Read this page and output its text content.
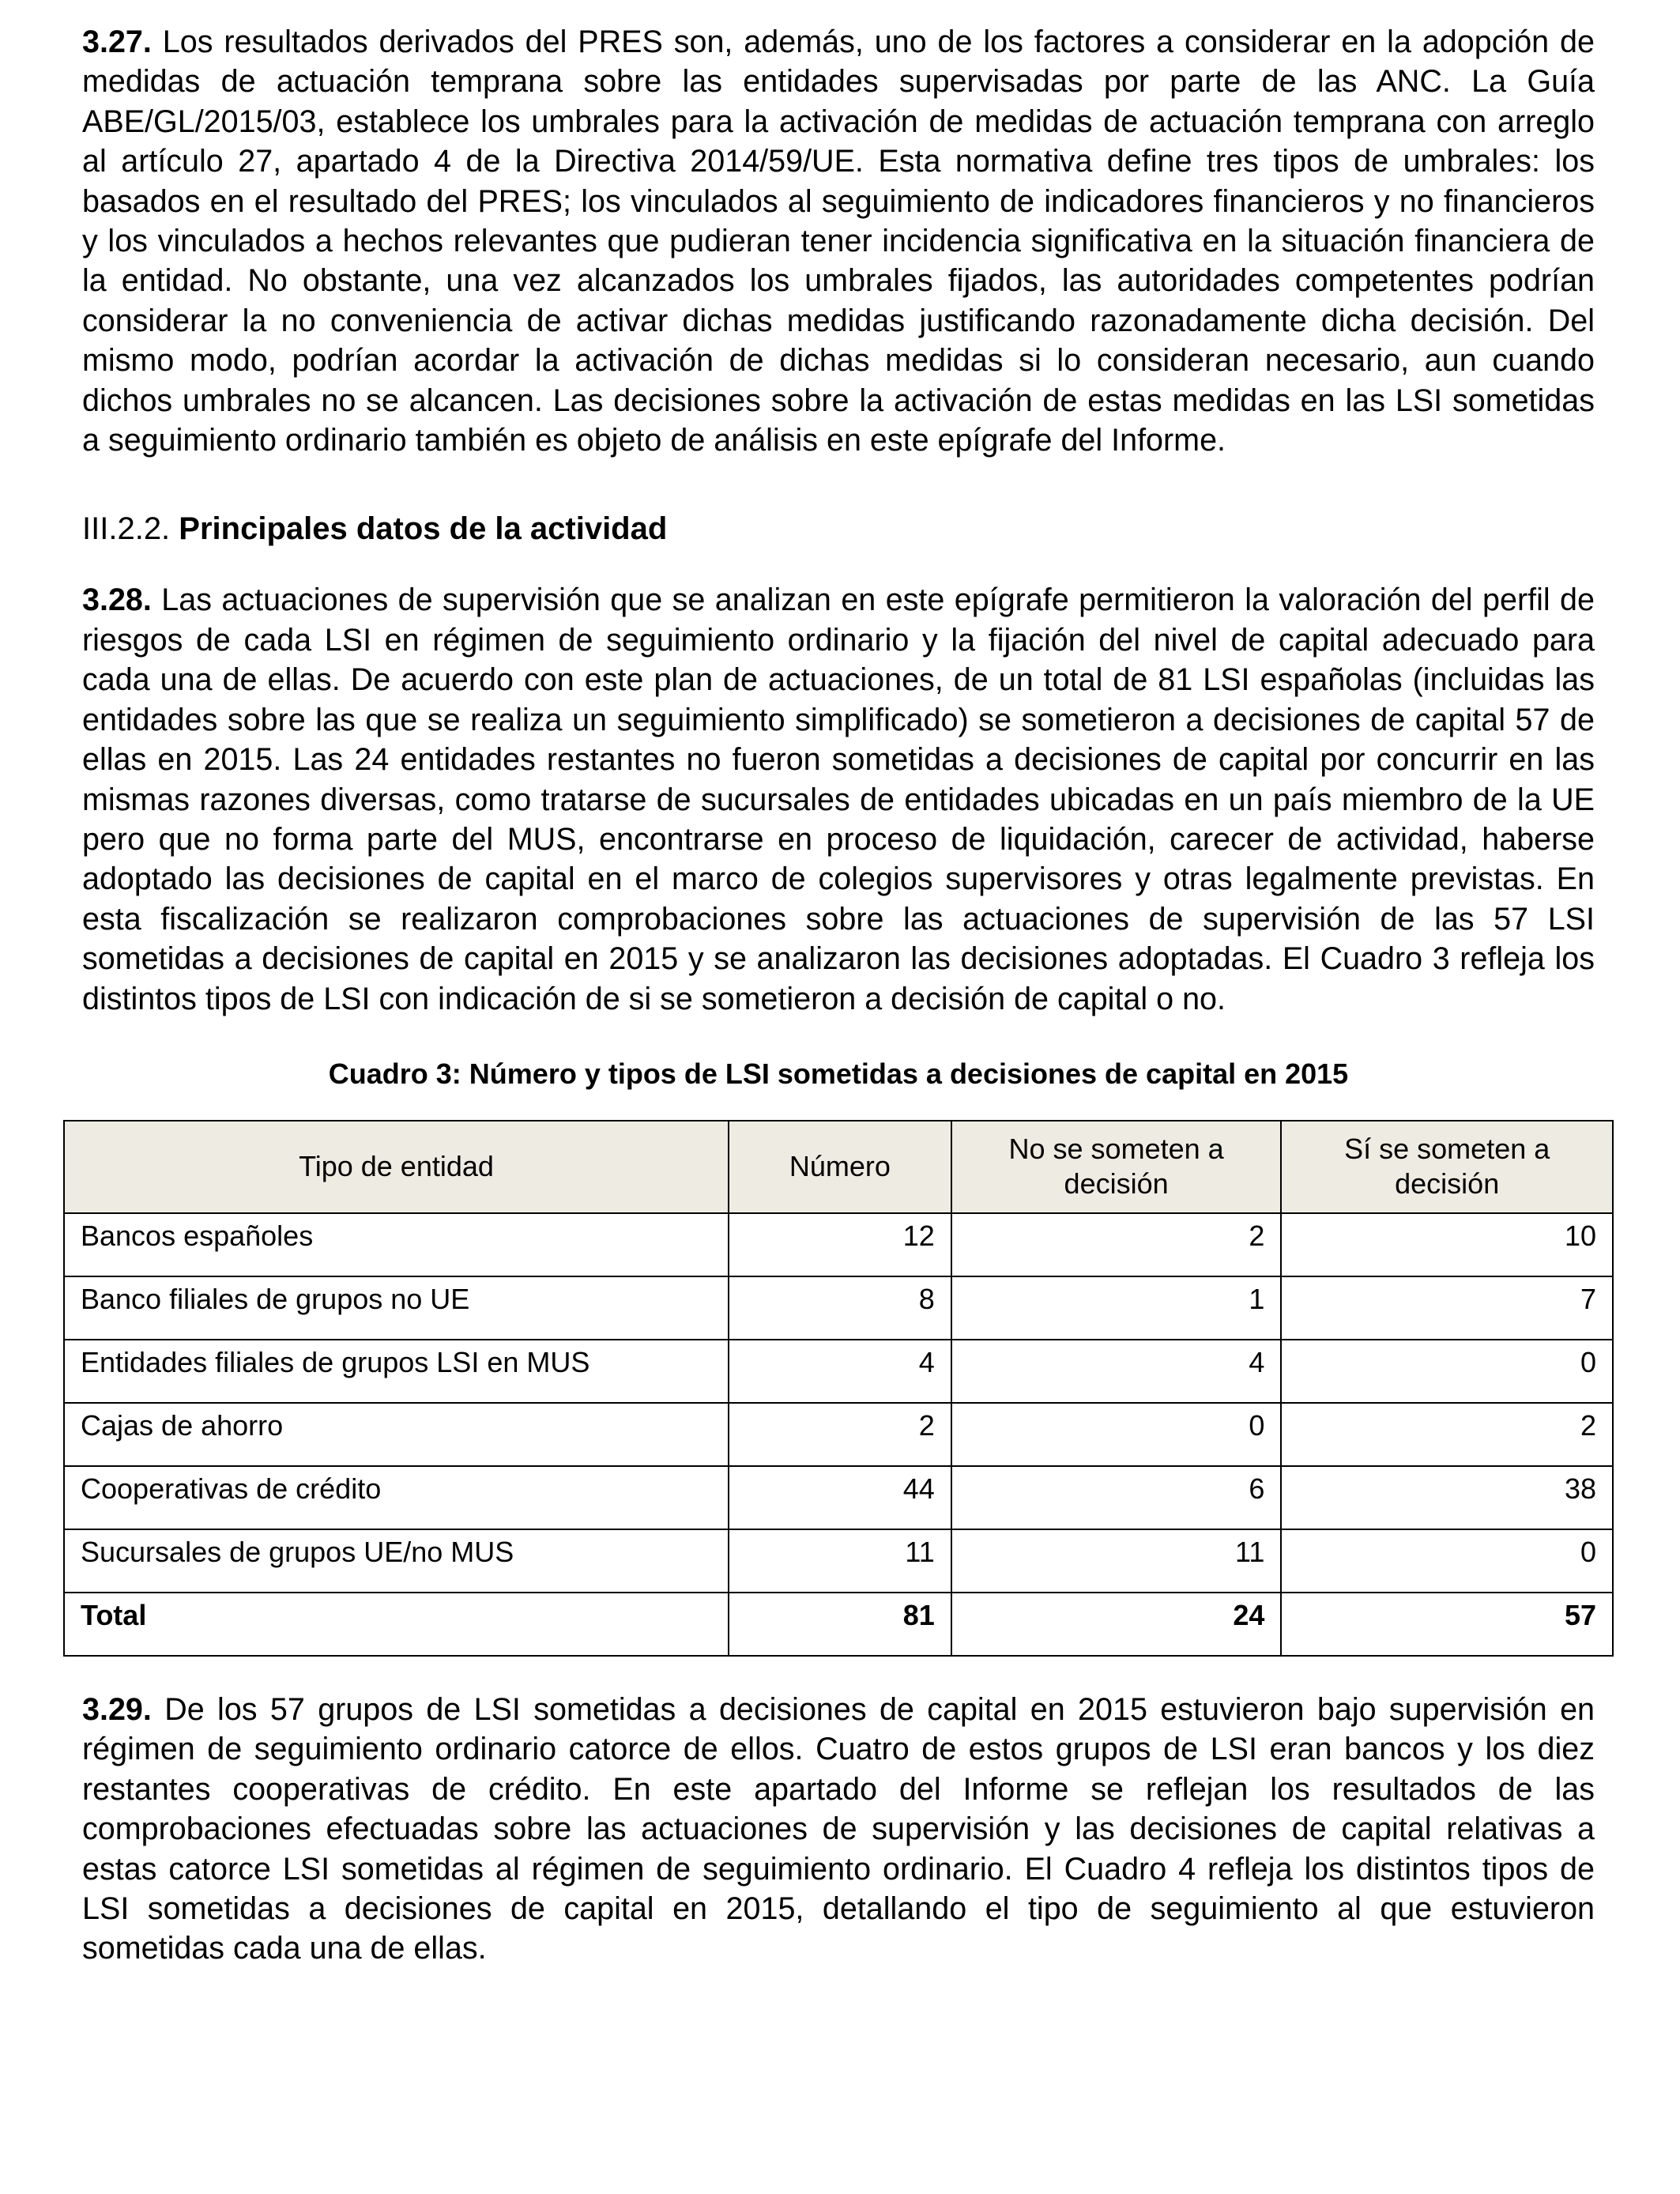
3.27. Los resultados derivados del PRES son, además, uno de los factores a considerar en la adopción de medidas de actuación temprana sobre las entidades supervisadas por parte de las ANC. La Guía ABE/GL/2015/03, establece los umbrales para la activación de medidas de actuación temprana con arreglo al artículo 27, apartado 4 de la Directiva 2014/59/UE. Esta normativa define tres tipos de umbrales: los basados en el resultado del PRES; los vinculados al seguimiento de indicadores financieros y no financieros y los vinculados a hechos relevantes que pudieran tener incidencia significativa en la situación financiera de la entidad. No obstante, una vez alcanzados los umbrales fijados, las autoridades competentes podrían considerar la no conveniencia de activar dichas medidas justificando razonadamente dicha decisión. Del mismo modo, podrían acordar la activación de dichas medidas si lo consideran necesario, aun cuando dichos umbrales no se alcancen. Las decisiones sobre la activación de estas medidas en las LSI sometidas a seguimiento ordinario también es objeto de análisis en este epígrafe del Informe.

III.2.2. Principales datos de la actividad

3.28. Las actuaciones de supervisión que se analizan en este epígrafe permitieron la valoración del perfil de riesgos de cada LSI en régimen de seguimiento ordinario y la fijación del nivel de capital adecuado para cada una de ellas. De acuerdo con este plan de actuaciones, de un total de 81 LSI españolas (incluidas las entidades sobre las que se realiza un seguimiento simplificado) se sometieron a decisiones de capital 57 de ellas en 2015. Las 24 entidades restantes no fueron sometidas a decisiones de capital por concurrir en las mismas razones diversas, como tratarse de sucursales de entidades ubicadas en un país miembro de la UE pero que no forma parte del MUS, encontrarse en proceso de liquidación, carecer de actividad, haberse adoptado las decisiones de capital en el marco de colegios supervisores y otras legalmente previstas. En esta fiscalización se realizaron comprobaciones sobre las actuaciones de supervisión de las 57 LSI sometidas a decisiones de capital en 2015 y se analizaron las decisiones adoptadas. El Cuadro 3 refleja los distintos tipos de LSI con indicación de si se sometieron a decisión de capital o no.

Cuadro 3: Número y tipos de LSI sometidas a decisiones de capital en 2015
Tipo de entidad	Número	No se someten a decisión	Sí se someten a decisión
Bancos españoles	12	2	10
Banco filiales de grupos no UE	8	1	7
Entidades filiales de grupos LSI en MUS	4	4	0
Cajas de ahorro	2	0	2
Cooperativas de crédito	44	6	38
Sucursales de grupos UE/no MUS	11	11	0
Total	81	24	57

3.29. De los 57 grupos de LSI sometidas a decisiones de capital en 2015 estuvieron bajo supervisión en régimen de seguimiento ordinario catorce de ellos. Cuatro de estos grupos de LSI eran bancos y los diez restantes cooperativas de crédito. En este apartado del Informe se reflejan los resultados de las comprobaciones efectuadas sobre las actuaciones de supervisión y las decisiones de capital relativas a estas catorce LSI sometidas al régimen de seguimiento ordinario. El Cuadro 4 refleja los distintos tipos de LSI sometidas a decisiones de capital en 2015, detallando el tipo de seguimiento al que estuvieron sometidas cada una de ellas.
